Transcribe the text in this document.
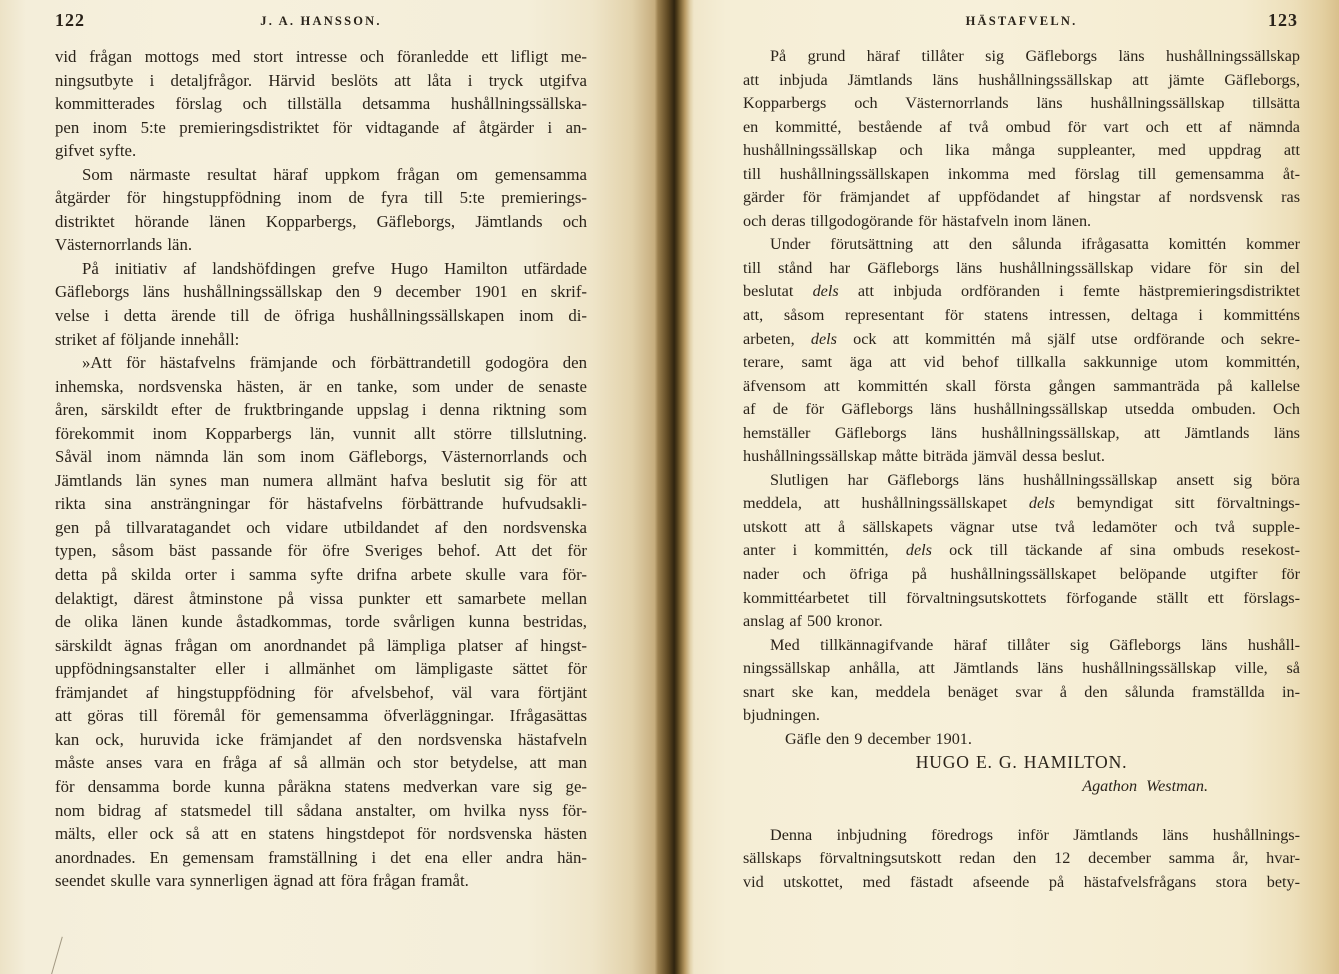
122	J. A. HANSSON.
vid frågan mottogs med stort intresse och föranledde ett lifligt me-
ningsutbyte i detaljfrågor. Härvid beslöts att låta i tryck utgifva
kommitterades förslag och tillställa detsamma hushållningssällska-
pen inom 5:te premieringsdistriktet för vidtagande af åtgärder i an-
gifvet syfte.
Som närmaste resultat häraf uppkom frågan om gemensamma
åtgärder för hingstuppfödning inom de fyra till 5:te premierings-
distriktet hörande länen Kopparbergs, Gäfleborgs, Jämtlands och
Västernorrlands län.
På initiativ af landshöfdingen grefve Hugo Hamilton utfärdade
Gäfleborgs läns hushållningssällskap den 9 december 1901 en skrif-
velse i detta ärende till de öfriga hushållningssällskapen inom di-
striket af följande innehåll:
»Att för hästafvelns främjande och förbättrandetill godogöra den
inhemska, nordsvenska hästen, är en tanke, som under de senaste
åren, särskildt efter de fruktbringande uppslag i denna riktning som
förekommit inom Kopparbergs län, vunnit allt större tillslutning.
Såväl inom nämnda län som inom Gäfleborgs, Västernorrlands och
Jämtlands län synes man numera allmänt hafva beslutit sig för att
rikta sina ansträngningar för hästafvelns förbättrande hufvudsakli-
gen på tillvaratagandet och vidare utbildandet af den nordsvenska
typen, såsom bäst passande för öfre Sveriges behof. Att det för
detta på skilda orter i samma syfte drifna arbete skulle vara för-
delaktigt, därest åtminstone på vissa punkter ett samarbete mellan
de olika länen kunde åstadkommas, torde svårligen kunna bestridas,
särskildt ägnas frågan om anordnandet på lämpliga platser af hingst-
uppfödningsanstalter eller i allmänhet om lämpligaste sättet för
främjandet af hingstuppfödning för afvelsbehof, väl vara förtjänt
att göras till föremål för gemensamma öfverläggningar. Ifrågasättas
kan ock, huruvida icke främjandet af den nordsvenska hästafveln
måste anses vara en fråga af så allmän och stor betydelse, att man
för densamma borde kunna påräkna statens medverkan vare sig ge-
nom bidrag af statsmedel till sådana anstalter, om hvilka nyss för-
mälts, eller ock så att en statens hingstdepot för nordsvenska hästen
anordnades. En gemensam framställning i det ena eller andra hän-
seendet skulle vara synnerligen ägnad att föra frågan framåt.
HÄSTAFVELN.	123
På grund häraf tillåter sig Gäfleborgs läns hushållningssällskap
att inbjuda Jämtlands läns hushållningssällskap att jämte Gäfleborgs,
Kopparbergs och Västernorrlands läns hushållningssällskap tillsätta
en kommitté, bestående af två ombud för vart och ett af nämnda
hushållningssällskap och lika många suppleanter, med uppdrag att
till hushållningssällskapen inkomma med förslag till gemensamma åt-
gärder för främjandet af uppfödandet af hingstar af nordsvensk ras
och deras tillgodogörande för hästafveln inom länen.
Under förutsättning att den sålunda ifrågasatta komittén kommer
till stånd har Gäfleborgs läns hushållningssällskap vidare för sin del
beslutat dels att inbjuda ordföranden i femte hästpremieringsdistriktet
att, såsom representant för statens intressen, deltaga i kommitténs
arbeten, dels ock att kommittén må själf utse ordförande och sekre-
terare, samt äga att vid behof tillkalla sakkunnige utom kommittén,
äfvensom att kommittén skall första gången sammanträda på kallelse
af de för Gäfleborgs läns hushållningssällskap utsedda ombuden. Och
hemställer Gäfleborgs läns hushållningssällskap, att Jämtlands läns
hushållningssällskap måtte biträda jämväl dessa beslut.
Slutligen har Gäfleborgs läns hushållningssällskap ansett sig böra
meddela, att hushållningssällskapet dels bemyndigat sitt förvaltnings-
utskott att å sällskapets vägnar utse två ledamöter och två supple-
anter i kommittén, dels ock till täckande af sina ombuds resekost-
nader och öfriga på hushållningssällskapet belöpande utgifter för
kommittéarbetet till förvaltningsutskottets förfogande ställt ett förslags-
anslag af 500 kronor.
Med tillkännagifvande häraf tillåter sig Gäfleborgs läns hushåll-
ningssällskap anhålla, att Jämtlands läns hushållningssällskap ville, så
snart ske kan, meddela benäget svar å den sålunda framställda in-
bjudningen.
Gäfle den 9 december 1901.
HUGO E. G. HAMILTON.
Agathon Westman.
Denna inbjudning föredrogs inför Jämtlands läns hushållnings-
sällskaps förvaltningsutskott redan den 12 december samma år, hvar-
vid utskottet, med fästadt afseende på hästafvelsfrågans stora bety-
